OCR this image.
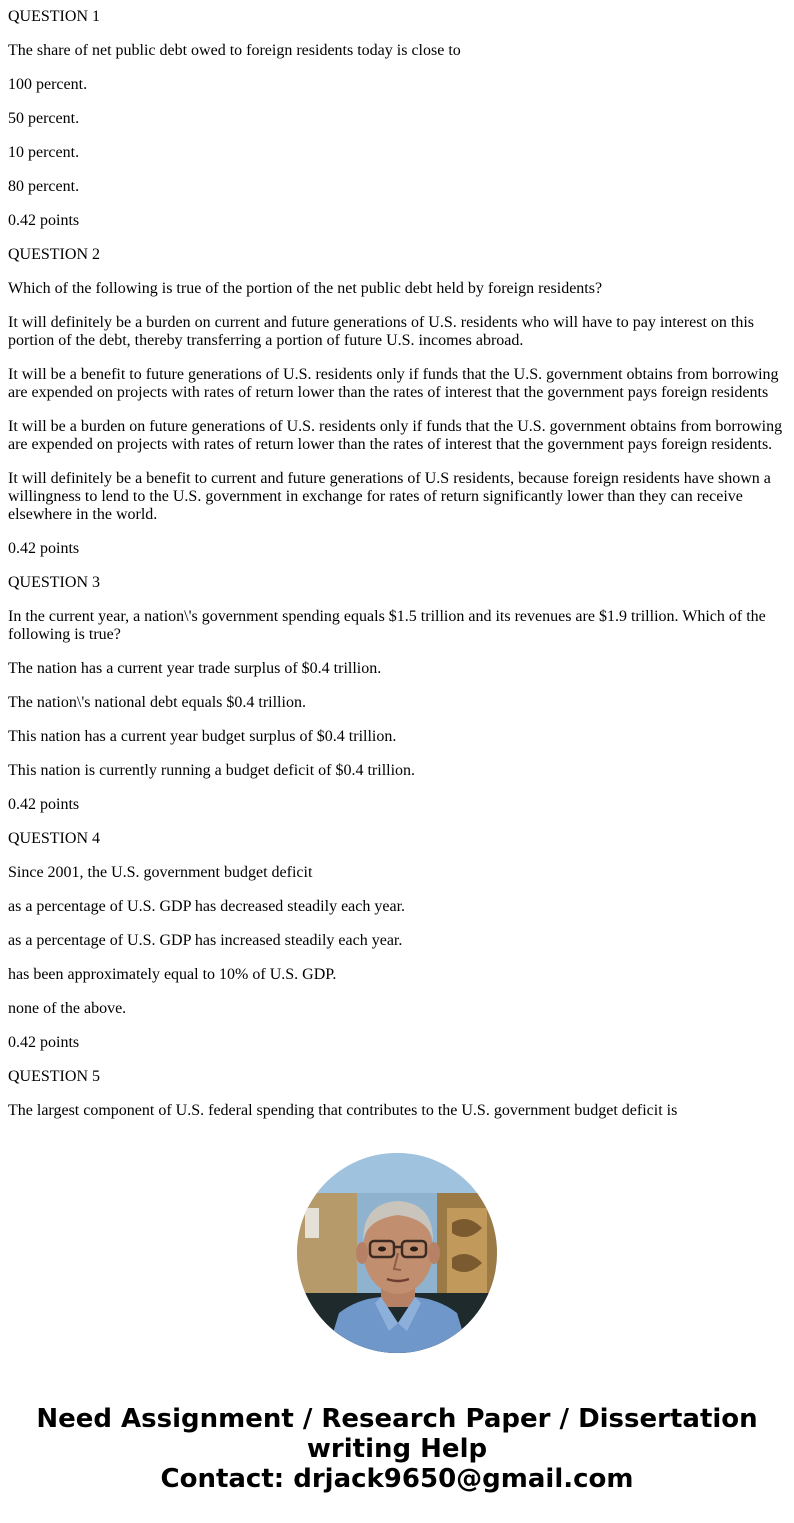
QUESTION 1

The share of net public debt owed to foreign residents today is close to

100 percent.

50 percent.

10 percent.

80 percent.

0.42 points

QUESTION 2

Which of the following is true of the portion of the net public debt held by foreign residents?

It will definitely be a burden on current and future generations of U.S. residents who will have to pay interest on this portion of the debt, thereby transferring a portion of future U.S. incomes abroad.

It will be a benefit to future generations of U.S. residents only if funds that the U.S. government obtains from borrowing are expended on projects with rates of return lower than the rates of interest that the government pays foreign residents

It will be a burden on future generations of U.S. residents only if funds that the U.S. government obtains from borrowing are expended on projects with rates of return lower than the rates of interest that the government pays foreign residents.

It will definitely be a benefit to current and future generations of U.S residents, because foreign residents have shown a willingness to lend to the U.S. government in exchange for rates of return significantly lower than they can receive elsewhere in the world.

0.42 points

QUESTION 3

In the current year, a nation\'s government spending equals $1.5 trillion and its revenues are $1.9 trillion. Which of the following is true?

The nation has a current year trade surplus of $0.4 trillion.

The nation\'s national debt equals $0.4 trillion.

This nation has a current year budget surplus of $0.4 trillion.

This nation is currently running a budget deficit of $0.4 trillion.

0.42 points

QUESTION 4

Since 2001, the U.S. government budget deficit

as a percentage of U.S. GDP has decreased steadily each year.

as a percentage of U.S. GDP has increased steadily each year.

has been approximately equal to 10% of U.S. GDP.

none of the above.

0.42 points

QUESTION 5

The largest component of U.S. federal spending that contributes to the U.S. government budget deficit is

Need Assignment / Research Paper / Dissertation
writing Help
Contact: drjack9650@gmail.com
